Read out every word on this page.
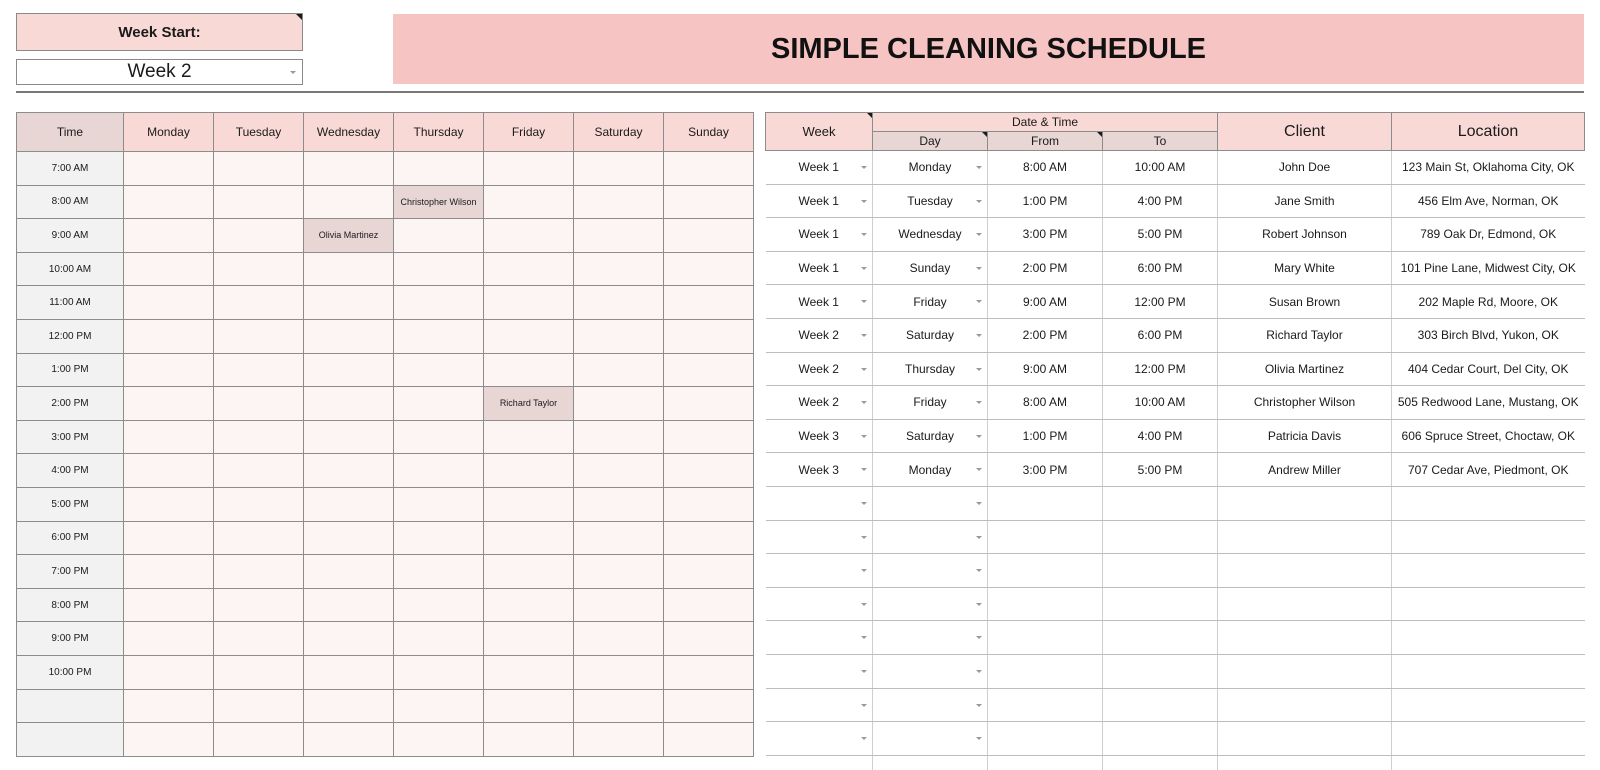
Week Start:
Week 2
SIMPLE CLEANING SCHEDULE
Time	Monday	Tuesday	Wednesday	Thursday	Friday	Saturday	Sunday
7:00 AM							
8:00 AM				Christopher Wilson			
9:00 AM			Olivia Martinez				
10:00 AM							
11:00 AM							
12:00 PM							
1:00 PM							
2:00 PM					Richard Taylor		
3:00 PM							
4:00 PM							
5:00 PM							
6:00 PM							
7:00 PM							
8:00 PM							
9:00 PM							
10:00 PM							

Week	Date & Time			Client	Location
	Day	From	To		
Week 1	Monday	8:00 AM	10:00 AM	John Doe	123 Main St, Oklahoma City, OK
Week 1	Tuesday	1:00 PM	4:00 PM	Jane Smith	456 Elm Ave, Norman, OK
Week 1	Wednesday	3:00 PM	5:00 PM	Robert Johnson	789 Oak Dr, Edmond, OK
Week 1	Sunday	2:00 PM	6:00 PM	Mary White	101 Pine Lane, Midwest City, OK
Week 1	Friday	9:00 AM	12:00 PM	Susan Brown	202 Maple Rd, Moore, OK
Week 2	Saturday	2:00 PM	6:00 PM	Richard Taylor	303 Birch Blvd, Yukon, OK
Week 2	Thursday	9:00 AM	12:00 PM	Olivia Martinez	404 Cedar Court, Del City, OK
Week 2	Friday	8:00 AM	10:00 AM	Christopher Wilson	505 Redwood Lane, Mustang, OK
Week 3	Saturday	1:00 PM	4:00 PM	Patricia Davis	606 Spruce Street, Choctaw, OK
Week 3	Monday	3:00 PM	5:00 PM	Andrew Miller	707 Cedar Ave, Piedmont, OK
